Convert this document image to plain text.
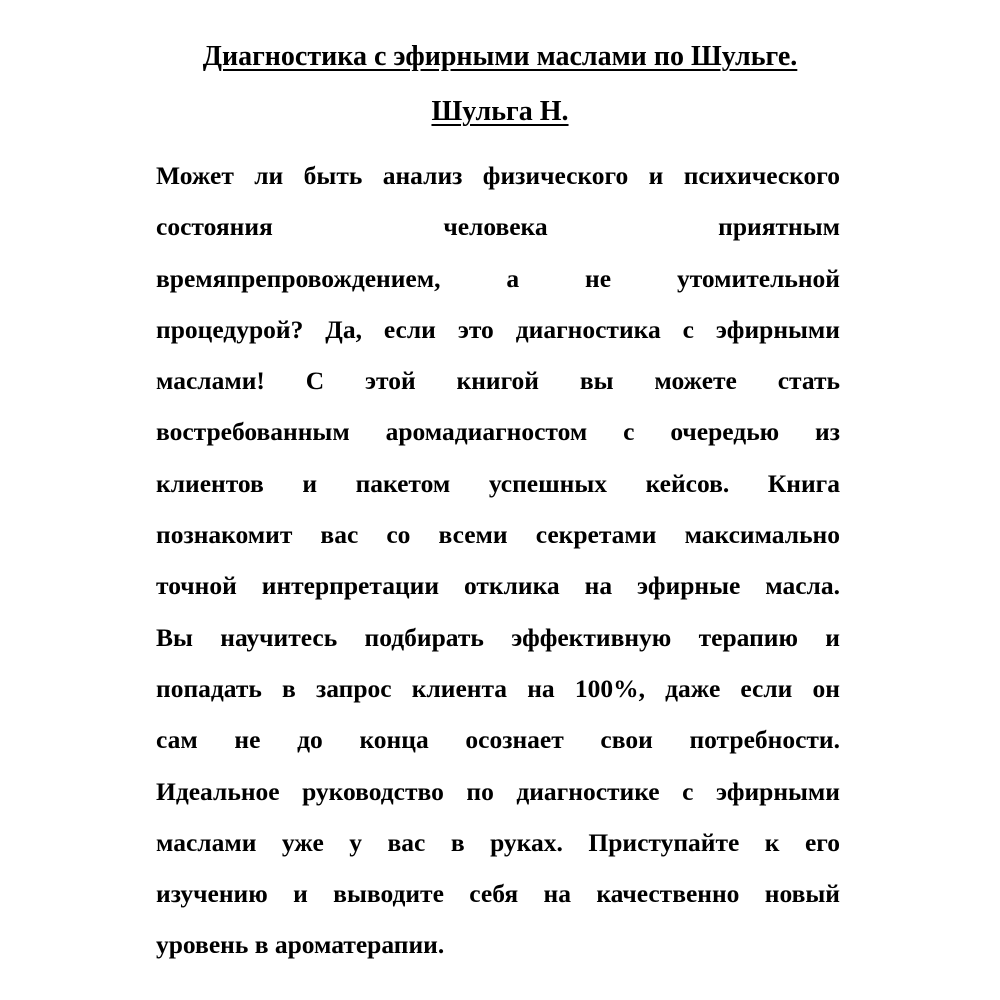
Диагностика с эфирными маслами по Шульге.
Шульга Н.
Может ли быть анализ физического и психического
состояния человека приятным
времяпрепровождением, а не утомительной
процедурой? Да, если это диагностика с эфирными
маслами! С этой книгой вы можете стать
востребованным аромадиагностом с очередью из
клиентов и пакетом успешных кейсов. Книга
познакомит вас со всеми секретами максимально
точной интерпретации отклика на эфирные масла.
Вы научитесь подбирать эффективную терапию и
попадать в запрос клиента на 100%, даже если он
сам не до конца осознает свои потребности.
Идеальное руководство по диагностике с эфирными
маслами уже у вас в руках. Приступайте к его
изучению и выводите себя на качественно новый
уровень в ароматерапии.
